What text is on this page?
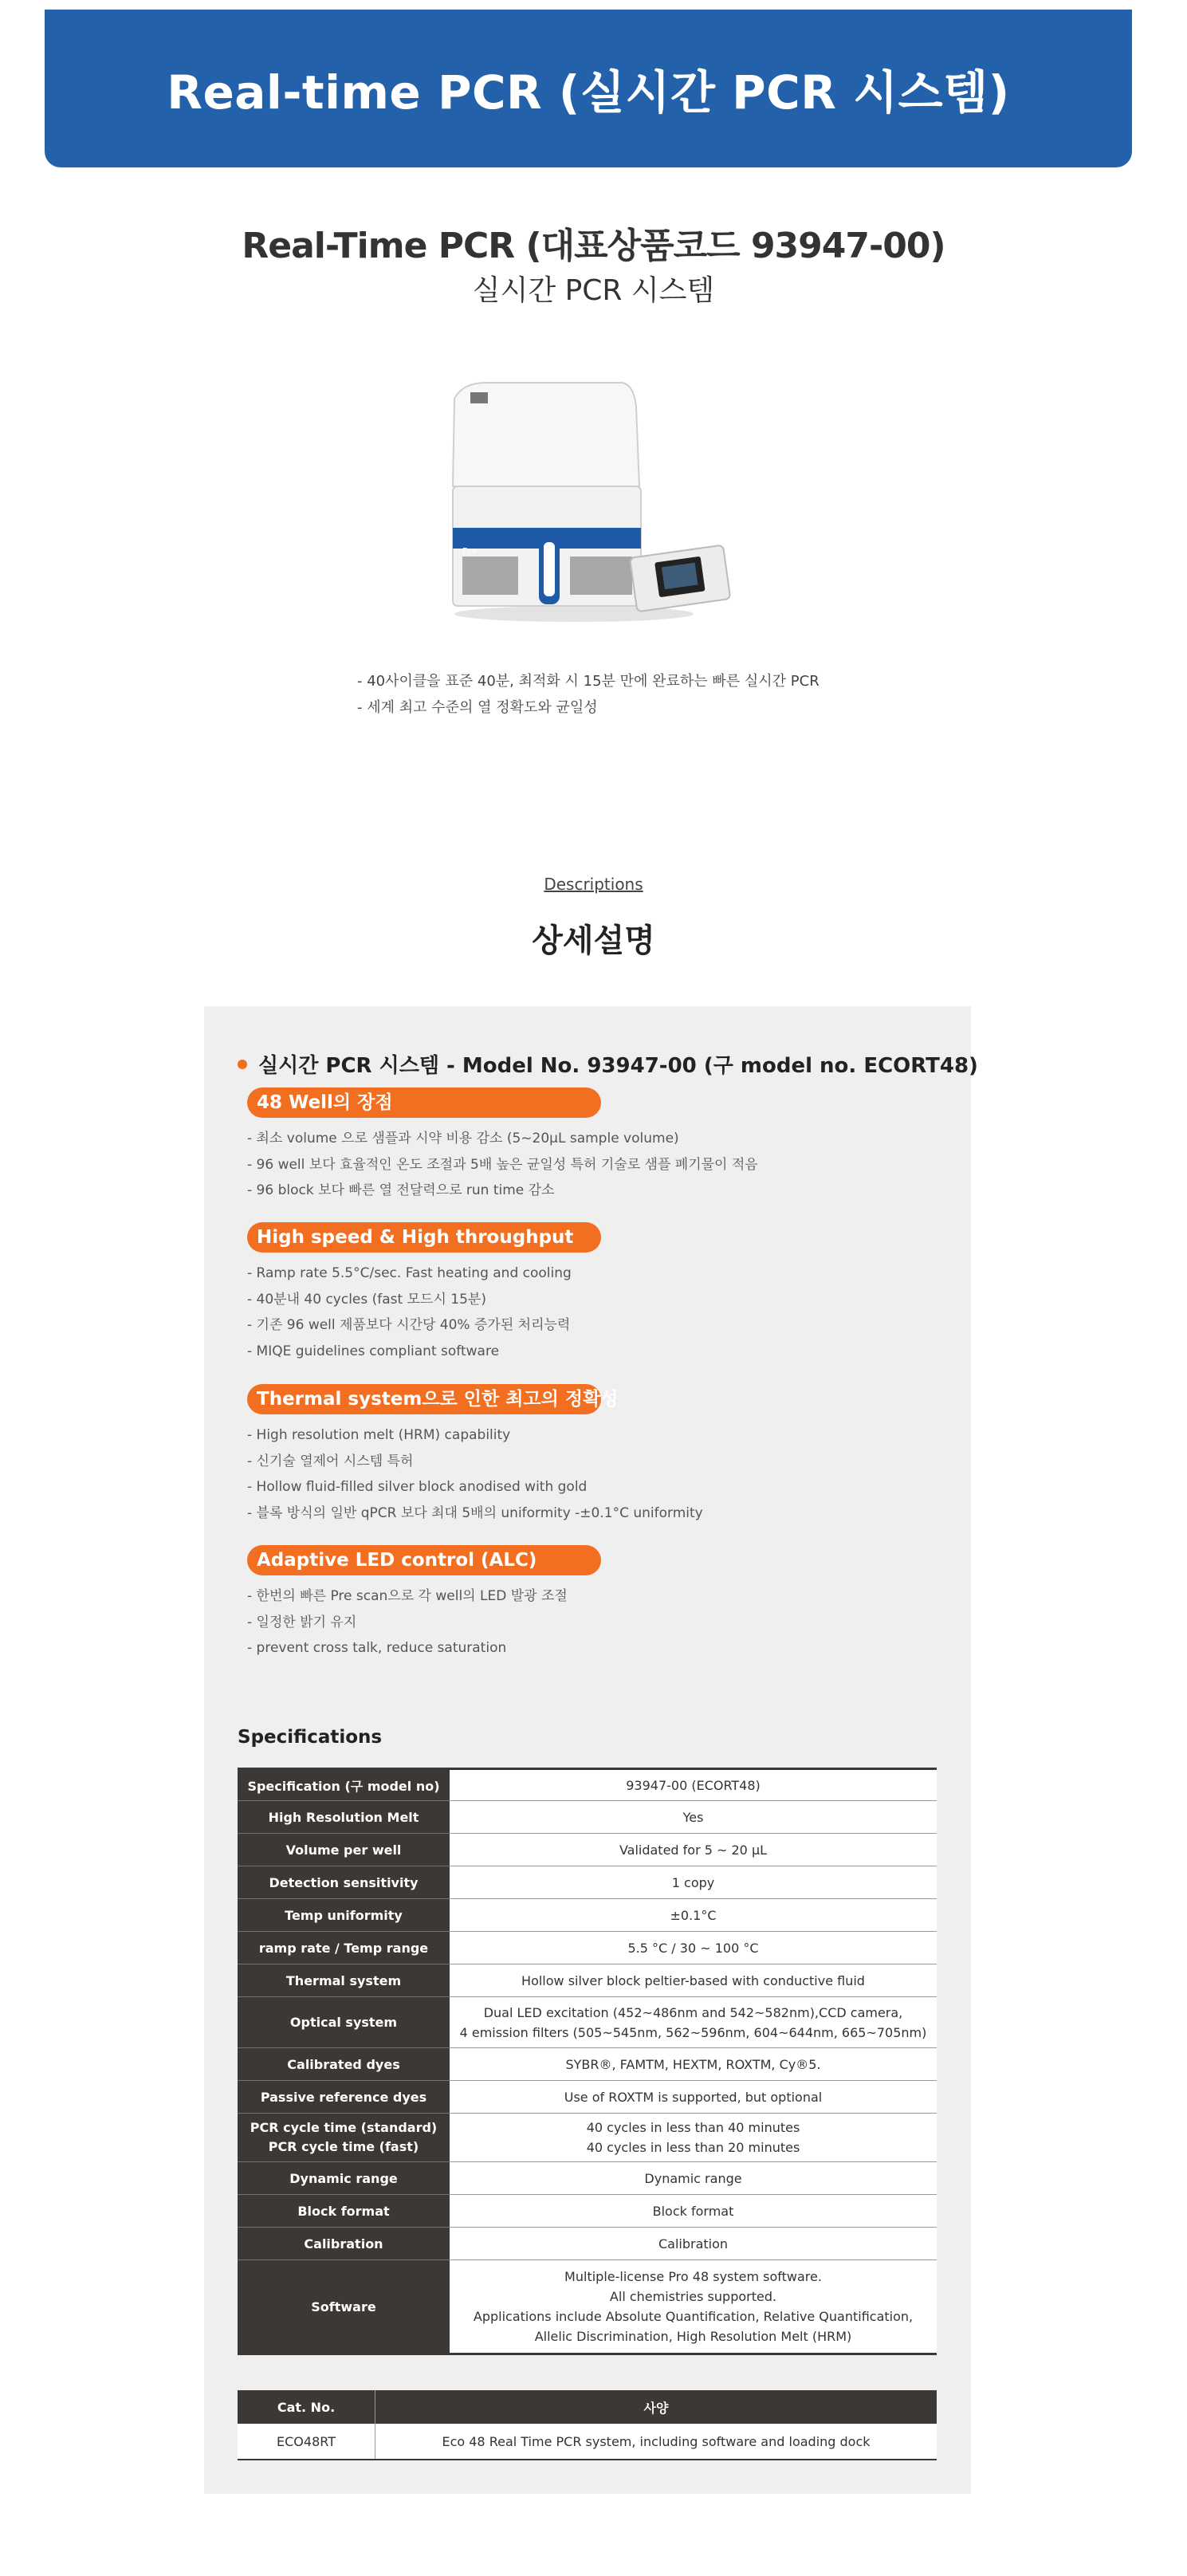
Real-time PCR (실시간 PCR 시스템)
Real-Time PCR (대표상품코드 93947-00)
실시간 PCR 시스템
Eco
- 40사이클을 표준 40분, 최적화 시 15분 만에 완료하는 빠른 실시간 PCR
- 세계 최고 수준의 열 정확도와 균일성
Descriptions
상세설명
실시간 PCR 시스템 - Model No. 93947-00 (구 model no. ECORT48)
48 Well의 장점
- 최소 volume 으로 샘플과 시약 비용 감소 (5~20µL sample volume)
- 96 well 보다 효율적인 온도 조절과 5배 높은 균일성 특허 기술로 샘플 폐기물이 적음
- 96 block 보다 빠른 열 전달력으로 run time 감소
High speed & High throughput
- Ramp rate 5.5°C/sec. Fast heating and cooling
- 40분내 40 cycles (fast 모드시 15분)
- 기존 96 well 제품보다 시간당 40% 증가된 처리능력
- MIQE guidelines compliant software
Thermal system으로 인한 최고의 정확성
- High resolution melt (HRM) capability
- 신기술 열제어 시스템 특허
- Hollow fluid-filled silver block anodised with gold
- 블록 방식의 일반 qPCR 보다 최대 5배의 uniformity -±0.1°C uniformity
Adaptive LED control (ALC)
- 한번의 빠른 Pre scan으로 각 well의 LED 발광 조절
- 일정한 밝기 유지
- prevent cross talk, reduce saturation
Specifications
Specification (구 model no)	93947-00 (ECORT48)
High Resolution Melt	Yes
Volume per well	Validated for 5 ~ 20 µL
Detection sensitivity	1 copy
Temp uniformity	±0.1°C
ramp rate / Temp range	5.5 °C / 30 ~ 100 °C
Thermal system	Hollow silver block peltier-based with conductive fluid
Optical system	Dual LED excitation (452~486nm and 542~582nm),CCD camera,
4 emission filters (505~545nm, 562~596nm, 604~644nm, 665~705nm)
Calibrated dyes	SYBR®, FAMTM, HEXTM, ROXTM, Cy®5.
Passive reference dyes	Use of ROXTM is supported, but optional
PCR cycle time (standard)
PCR cycle time (fast)	40 cycles in less than 40 minutes
40 cycles in less than 20 minutes
Dynamic range	Dynamic range
Block format	Block format
Calibration	Calibration
Software	Multiple-license Pro 48 system software.
All chemistries supported.
Applications include Absolute Quantification, Relative Quantification,
Allelic Discrimination, High Resolution Melt (HRM)
Cat. No.	사양
ECO48RT	Eco 48 Real Time PCR system, including software and loading dock
